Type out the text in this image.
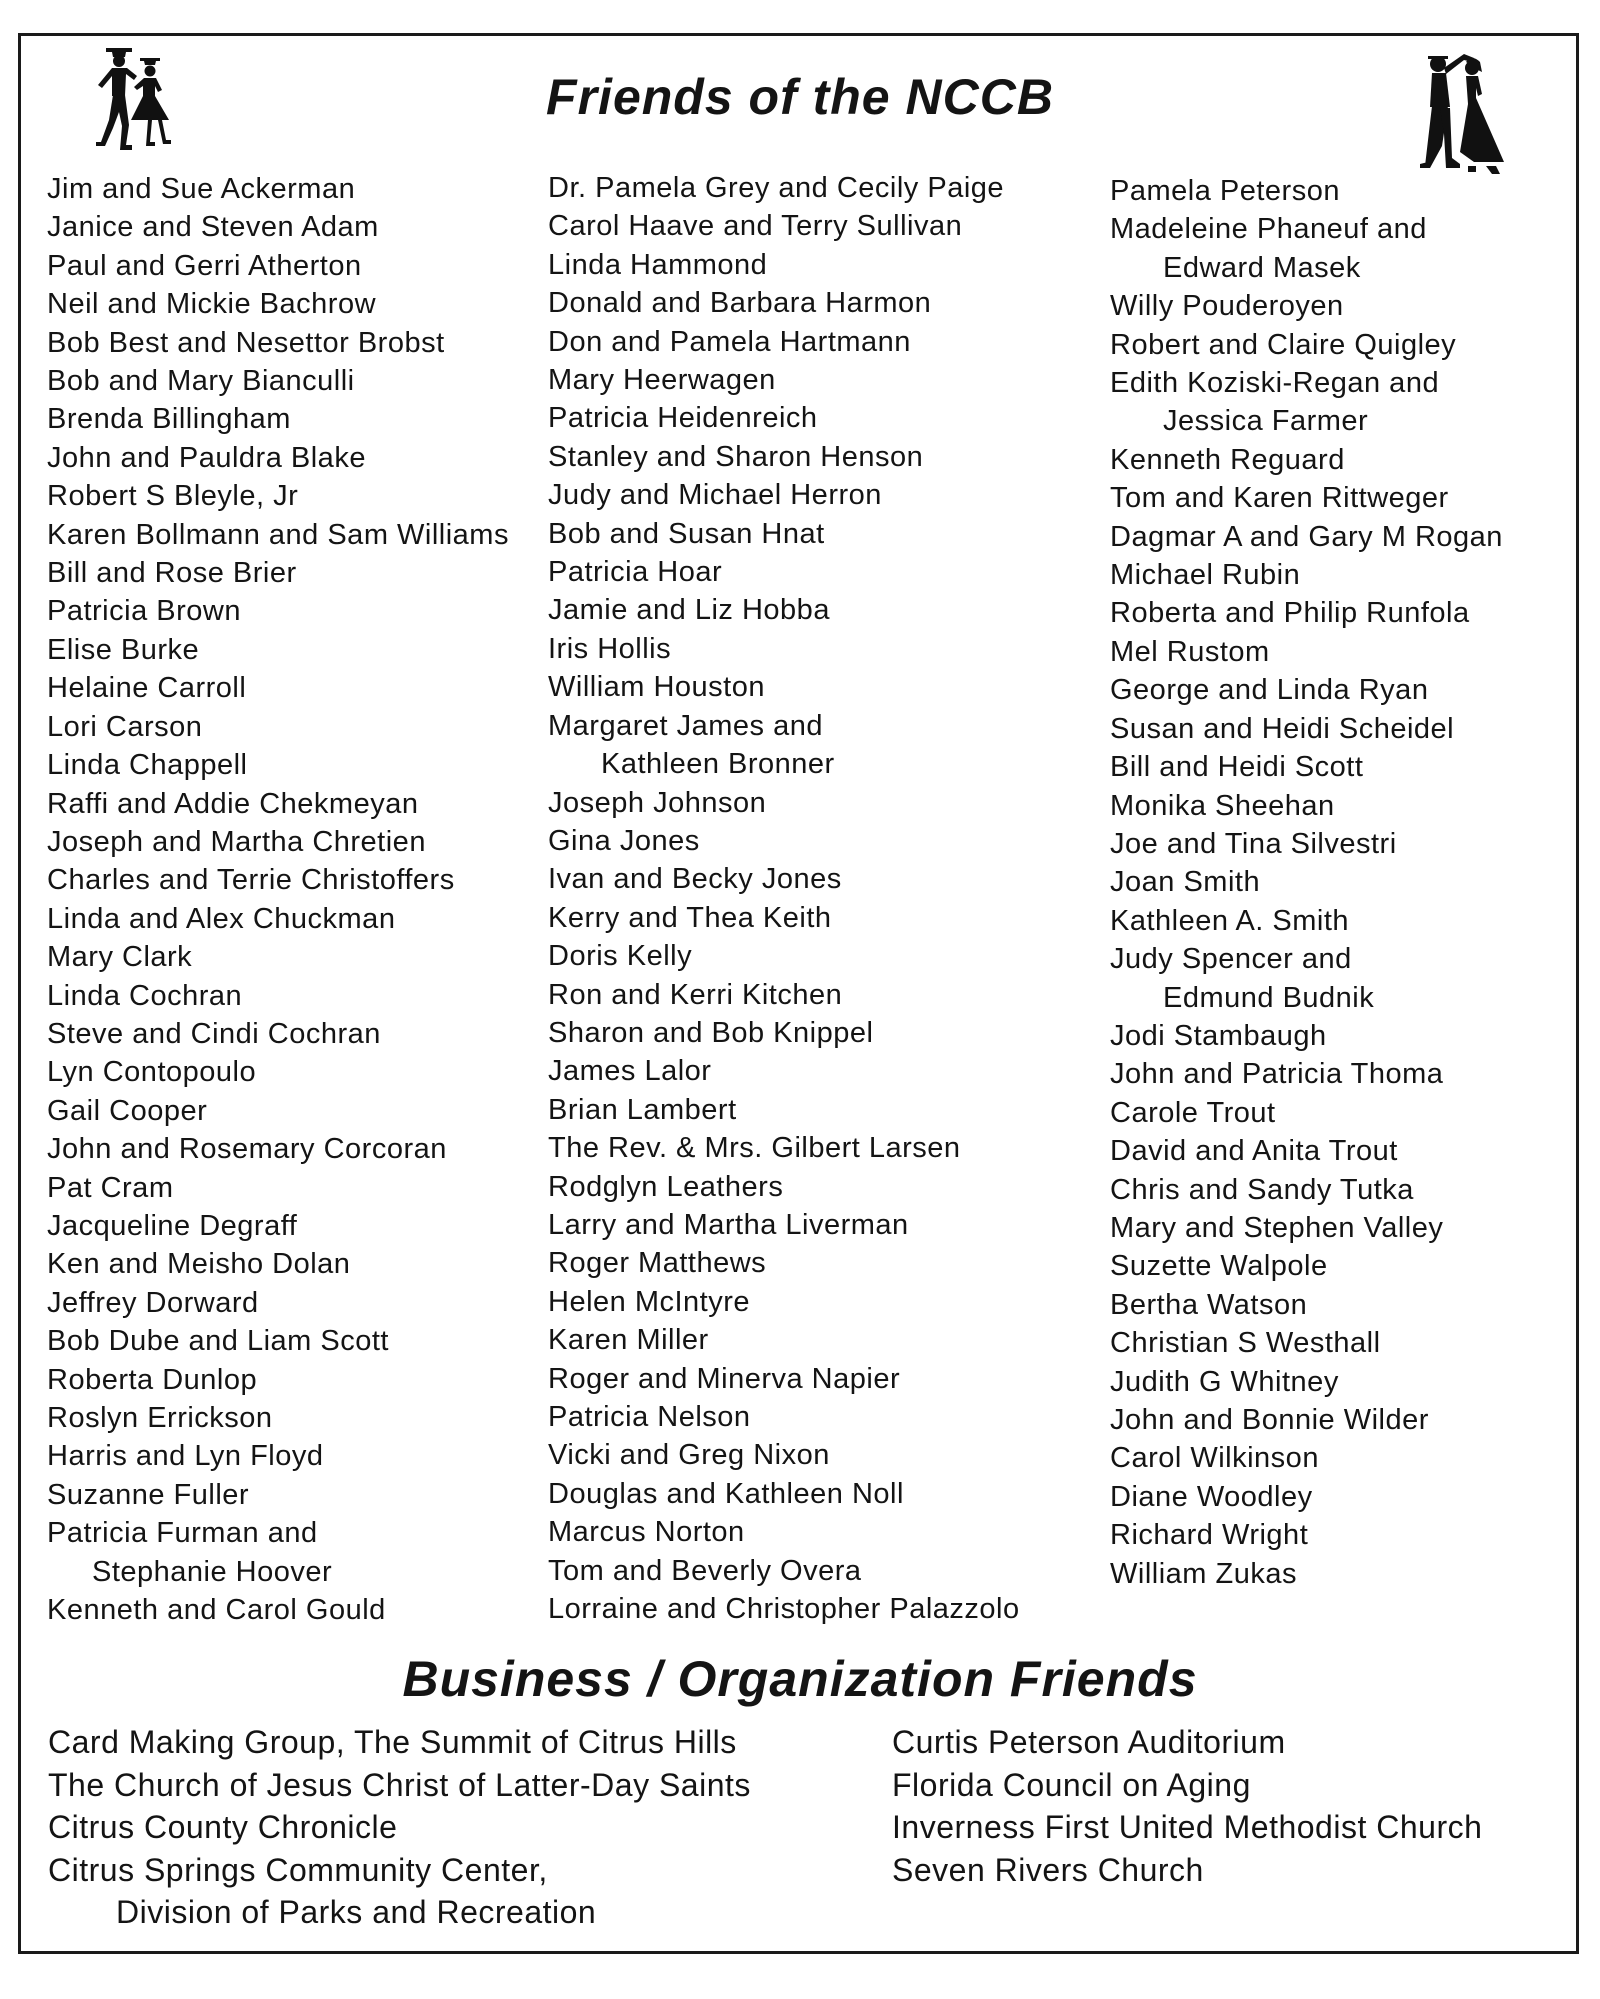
Friends of the NCCB
Jim and Sue Ackerman
Janice and Steven Adam
Paul and Gerri Atherton
Neil and Mickie Bachrow
Bob Best and Nesettor Brobst
Bob and Mary Bianculli
Brenda Billingham
John and Pauldra Blake
Robert S Bleyle, Jr
Karen Bollmann and Sam Williams
Bill and Rose Brier
Patricia Brown
Elise Burke
Helaine Carroll
Lori Carson
Linda Chappell
Raffi and Addie Chekmeyan
Joseph and Martha Chretien
Charles and Terrie Christoffers
Linda and Alex Chuckman
Mary Clark
Linda Cochran
Steve and Cindi Cochran
Lyn Contopoulo
Gail Cooper
John and Rosemary Corcoran
Pat Cram
Jacqueline Degraff
Ken and Meisho Dolan
Jeffrey Dorward
Bob Dube and Liam Scott
Roberta Dunlop
Roslyn Errickson
Harris and Lyn Floyd
Suzanne Fuller
Patricia Furman and
Stephanie Hoover
Kenneth and Carol Gould
Dr. Pamela Grey and Cecily Paige
Carol Haave and Terry Sullivan
Linda Hammond
Donald and Barbara Harmon
Don and Pamela Hartmann
Mary Heerwagen
Patricia Heidenreich
Stanley and Sharon Henson
Judy and Michael Herron
Bob and Susan Hnat
Patricia Hoar
Jamie and Liz Hobba
Iris Hollis
William Houston
Margaret James and
Kathleen Bronner
Joseph Johnson
Gina Jones
Ivan and Becky Jones
Kerry and Thea Keith
Doris Kelly
Ron and Kerri Kitchen
Sharon and Bob Knippel
James Lalor
Brian Lambert
The Rev. & Mrs. Gilbert Larsen
Rodglyn Leathers
Larry and Martha Liverman
Roger Matthews
Helen McIntyre
Karen Miller
Roger and Minerva Napier
Patricia Nelson
Vicki and Greg Nixon
Douglas and Kathleen Noll
Marcus Norton
Tom and Beverly Overa
Lorraine and Christopher Palazzolo
Pamela Peterson
Madeleine Phaneuf and
Edward Masek
Willy Pouderoyen
Robert and Claire Quigley
Edith Koziski-Regan and
Jessica Farmer
Kenneth Reguard
Tom and Karen Rittweger
Dagmar A and Gary M Rogan
Michael Rubin
Roberta and Philip Runfola
Mel Rustom
George and Linda Ryan
Susan and Heidi Scheidel
Bill and Heidi Scott
Monika Sheehan
Joe and Tina Silvestri
Joan Smith
Kathleen A. Smith
Judy Spencer and
Edmund Budnik
Jodi Stambaugh
John and Patricia Thoma
Carole Trout
David and Anita Trout
Chris and Sandy Tutka
Mary and Stephen Valley
Suzette Walpole
Bertha Watson
Christian S Westhall
Judith G Whitney
John and Bonnie Wilder
Carol Wilkinson
Diane Woodley
Richard Wright
William Zukas
Business / Organization Friends
Card Making Group, The Summit of Citrus Hills
The Church of Jesus Christ of Latter-Day Saints
Citrus County Chronicle
Citrus Springs Community Center,
Division of Parks and Recreation
Curtis Peterson Auditorium
Florida Council on Aging
Inverness First United Methodist Church
Seven Rivers Church
